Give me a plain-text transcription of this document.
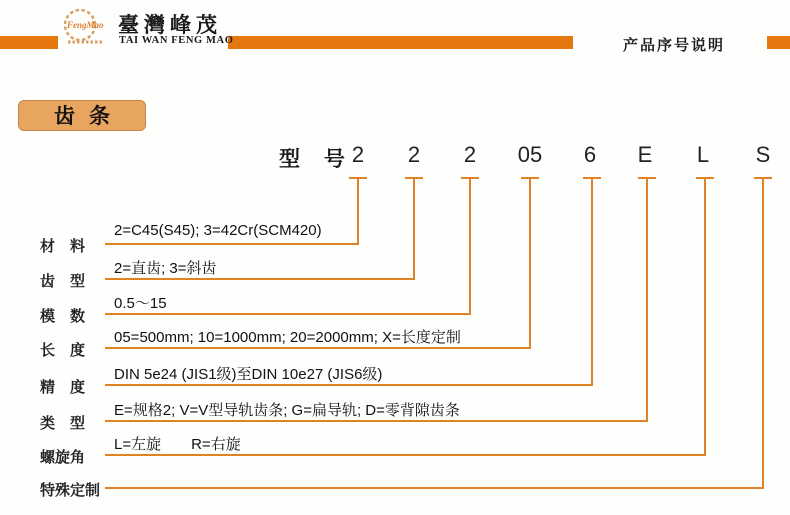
FengMao 臺灣峰茂
TAI WAN FENG MAO	产品序号说明
齿条
型 号
2	2	2	05	6	E	L	S
材　料
2=C45(S45); 3=42Cr(SCM420)
齿　型
2=直齿; 3=斜齿
模　数
0.5～15
长　度
05=500mm; 10=1000mm; 20=2000mm; X=长度定制
精　度
DIN 5e24 (JIS1级)至DIN 10e27 (JIS6级)
类　型
E=规格2; V=V型导轨齿条; G=扁导轨; D=零背隙齿条
螺旋角
L=左旋　　R=右旋
特殊定制
